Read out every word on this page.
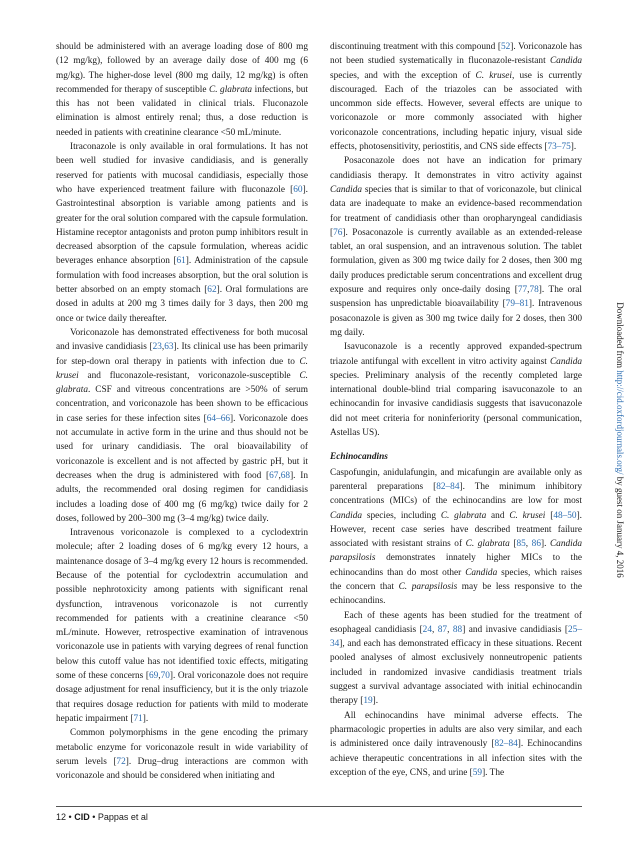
should be administered with an average loading dose of 800 mg (12 mg/kg), followed by an average daily dose of 400 mg (6 mg/kg). The higher-dose level (800 mg daily, 12 mg/kg) is often recommended for therapy of susceptible C. glabrata infections, but this has not been validated in clinical trials. Fluconazole elimination is almost entirely renal; thus, a dose reduction is needed in patients with creatinine clearance <50 mL/minute.

Itraconazole is only available in oral formulations. It has not been well studied for invasive candidiasis, and is generally reserved for patients with mucosal candidiasis, especially those who have experienced treatment failure with fluconazole [60]. Gastrointestinal absorption is variable among patients and is greater for the oral solution compared with the capsule formulation. Histamine receptor antagonists and proton pump inhibitors result in decreased absorption of the capsule formulation, whereas acidic beverages enhance absorption [61]. Administration of the capsule formulation with food increases absorption, but the oral solution is better absorbed on an empty stomach [62]. Oral formulations are dosed in adults at 200 mg 3 times daily for 3 days, then 200 mg once or twice daily thereafter.

Voriconazole has demonstrated effectiveness for both mucosal and invasive candidiasis [23,63]. Its clinical use has been primarily for step-down oral therapy in patients with infection due to C. krusei and fluconazole-resistant, voriconazole-susceptible C. glabrata. CSF and vitreous concentrations are >50% of serum concentration, and voriconazole has been shown to be efficacious in case series for these infection sites [64–66]. Voriconazole does not accumulate in active form in the urine and thus should not be used for urinary candidiasis. The oral bioavailability of voriconazole is excellent and is not affected by gastric pH, but it decreases when the drug is administered with food [67,68]. In adults, the recommended oral dosing regimen for candidiasis includes a loading dose of 400 mg (6 mg/kg) twice daily for 2 doses, followed by 200–300 mg (3–4 mg/kg) twice daily.

Intravenous voriconazole is complexed to a cyclodextrin molecule; after 2 loading doses of 6 mg/kg every 12 hours, a maintenance dosage of 3–4 mg/kg every 12 hours is recommended. Because of the potential for cyclodextrin accumulation and possible nephrotoxicity among patients with significant renal dysfunction, intravenous voriconazole is not currently recommended for patients with a creatinine clearance <50 mL/minute. However, retrospective examination of intravenous voriconazole use in patients with varying degrees of renal function below this cutoff value has not identified toxic effects, mitigating some of these concerns [69,70]. Oral voriconazole does not require dosage adjustment for renal insufficiency, but it is the only triazole that requires dosage reduction for patients with mild to moderate hepatic impairment [71].

Common polymorphisms in the gene encoding the primary metabolic enzyme for voriconazole result in wide variability of serum levels [72]. Drug–drug interactions are common with voriconazole and should be considered when initiating and

discontinuing treatment with this compound [52]. Voriconazole has not been studied systematically in fluconazole-resistant Candida species, and with the exception of C. krusei, use is currently discouraged. Each of the triazoles can be associated with uncommon side effects. However, several effects are unique to voriconazole or more commonly associated with higher voriconazole concentrations, including hepatic injury, visual side effects, photosensitivity, periostitis, and CNS side effects [73–75].

Posaconazole does not have an indication for primary candidiasis therapy. It demonstrates in vitro activity against Candida species that is similar to that of voriconazole, but clinical data are inadequate to make an evidence-based recommendation for treatment of candidiasis other than oropharyngeal candidiasis [76]. Posaconazole is currently available as an extended-release tablet, an oral suspension, and an intravenous solution. The tablet formulation, given as 300 mg twice daily for 2 doses, then 300 mg daily produces predictable serum concentrations and excellent drug exposure and requires only once-daily dosing [77,78]. The oral suspension has unpredictable bioavailability [79–81]. Intravenous posaconazole is given as 300 mg twice daily for 2 doses, then 300 mg daily.

Isavuconazole is a recently approved expanded-spectrum triazole antifungal with excellent in vitro activity against Candida species. Preliminary analysis of the recently completed large international double-blind trial comparing isavuconazole to an echinocandin for invasive candidiasis suggests that isavuconazole did not meet criteria for noninferiority (personal communication, Astellas US).

Echinocandins

Caspofungin, anidulafungin, and micafungin are available only as parenteral preparations [82–84]. The minimum inhibitory concentrations (MICs) of the echinocandins are low for most Candida species, including C. glabrata and C. krusei [48–50]. However, recent case series have described treatment failure associated with resistant strains of C. glabrata [85, 86]. Candida parapsilosis demonstrates innately higher MICs to the echinocandins than do most other Candida species, which raises the concern that C. parapsilosis may be less responsive to the echinocandins.

Each of these agents has been studied for the treatment of esophageal candidiasis [24, 87, 88] and invasive candidiasis [25–34], and each has demonstrated efficacy in these situations. Recent pooled analyses of almost exclusively nonneutropenic patients included in randomized invasive candidiasis treatment trials suggest a survival advantage associated with initial echinocandin therapy [19].

All echinocandins have minimal adverse effects. The pharmacologic properties in adults are also very similar, and each is administered once daily intravenously [82–84]. Echinocandins achieve therapeutic concentrations in all infection sites with the exception of the eye, CNS, and urine [59]. The

Downloaded from http://cid.oxfordjournals.org/ by guest on January 4, 2016
12 • CID • Pappas et al
